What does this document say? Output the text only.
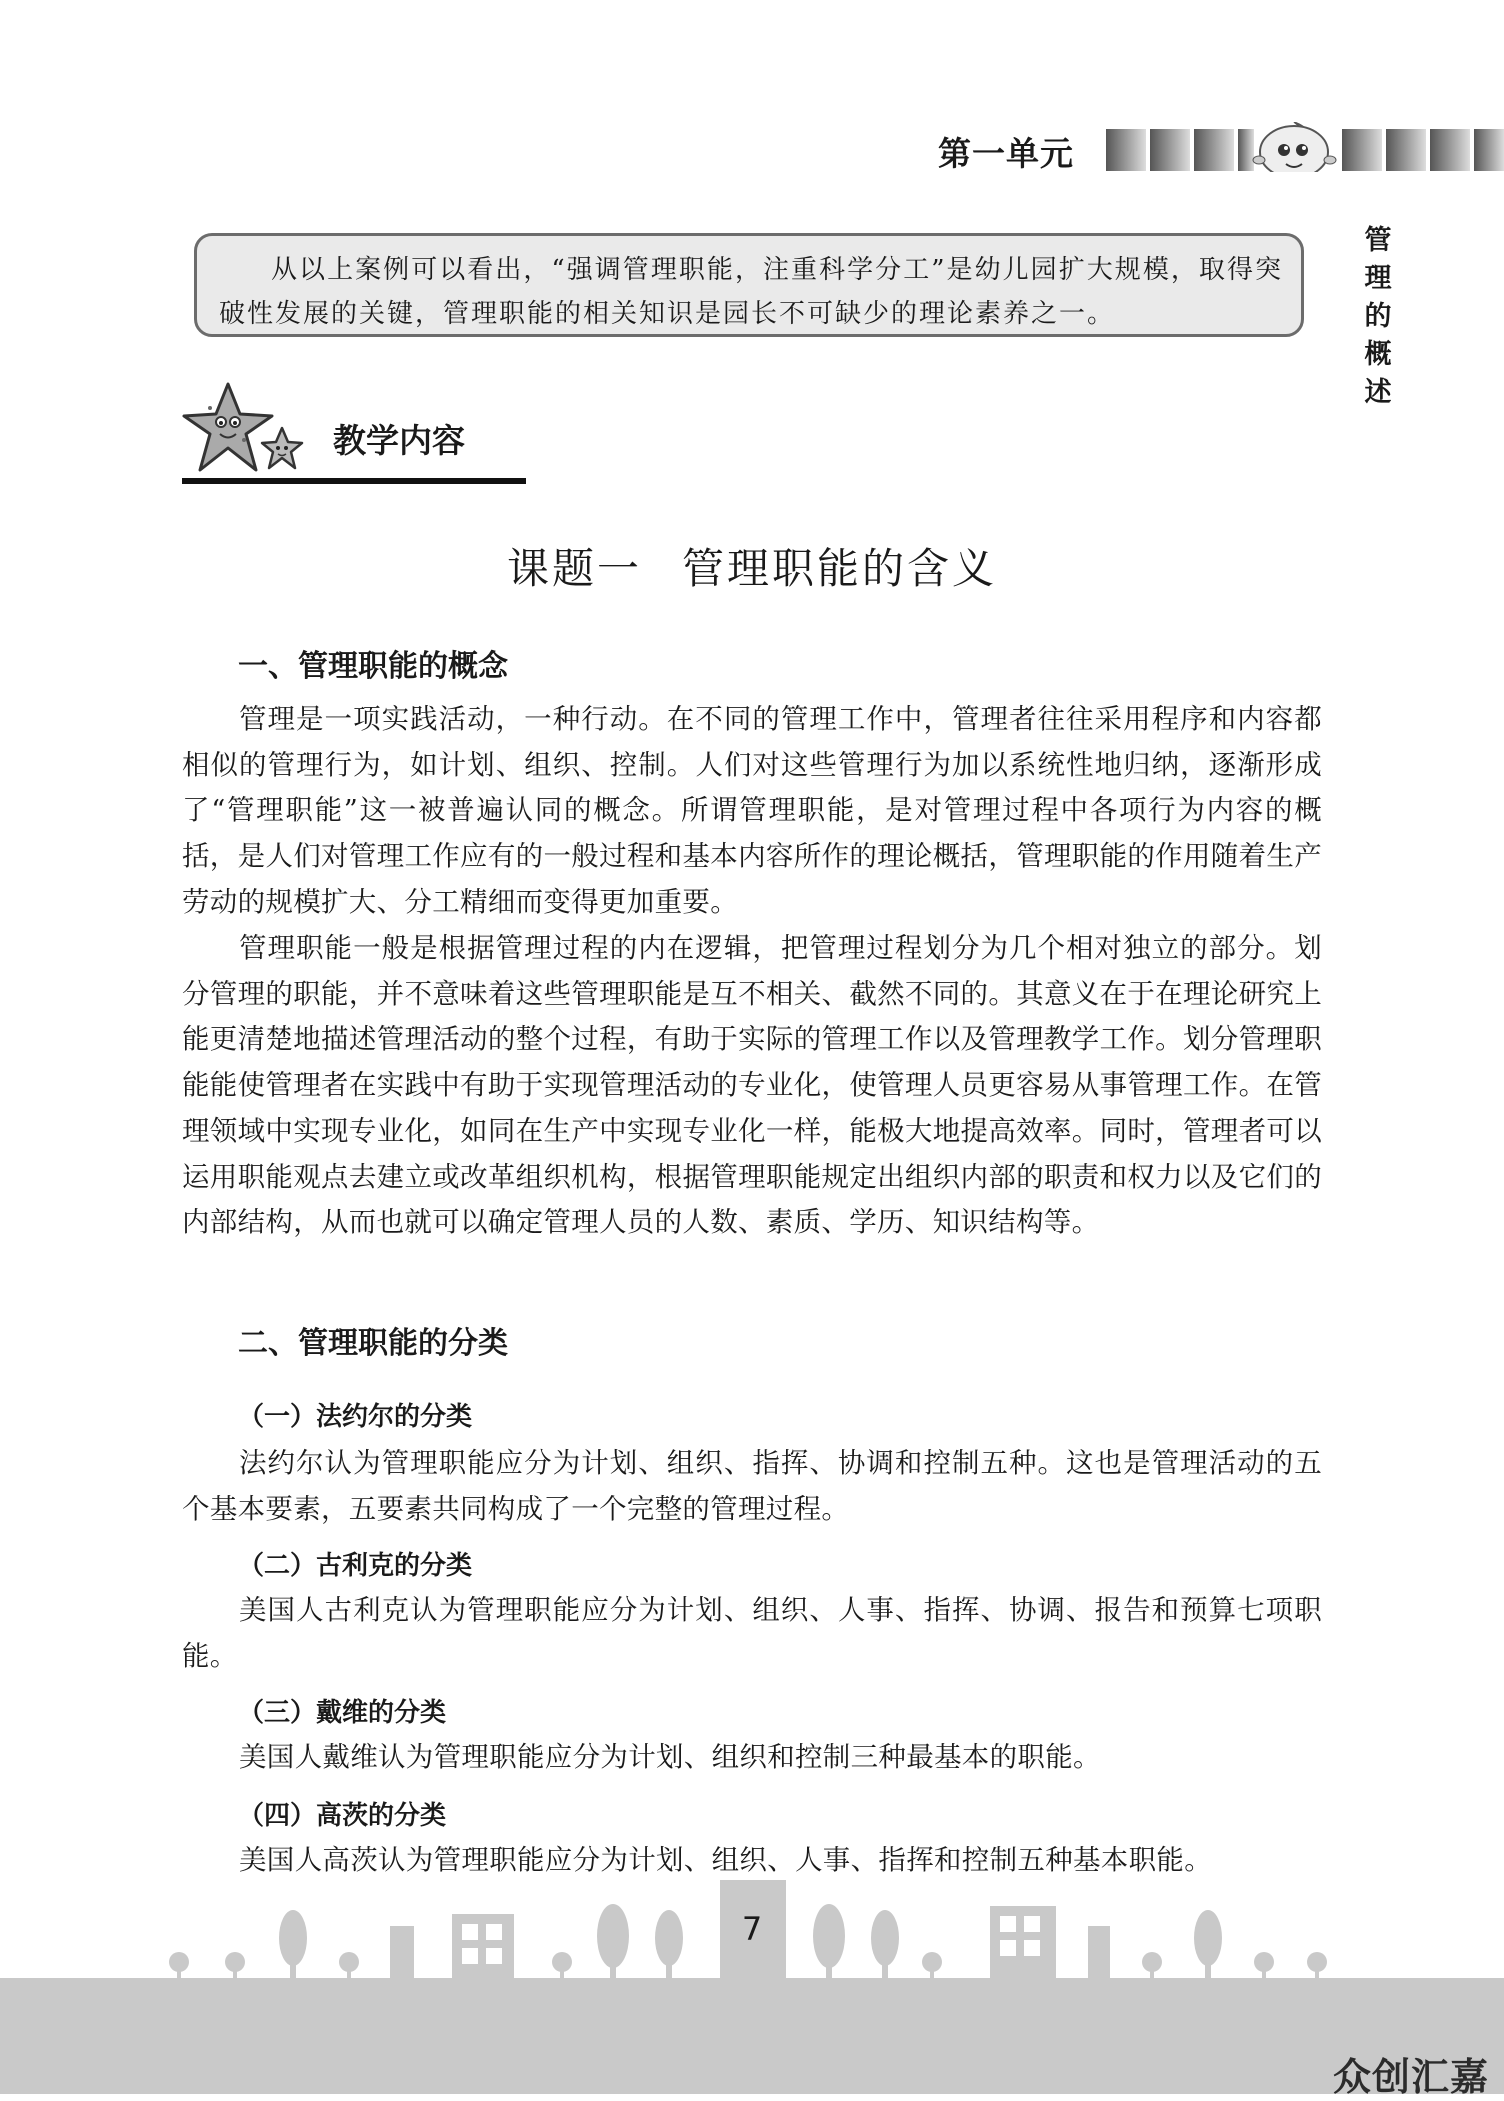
第一单元
管
理
的
概
述
从以上案例可以看出，“强调管理职能，注重科学分工”是幼儿园扩大规模，取得突破性发展的关键，管理职能的相关知识是园长不可缺少的理论素养之一。
教学内容
课题一 管理职能的含义
一、管理职能的概念
管理是一项实践活动，一种行动。在不同的管理工作中，管理者往往采用程序和内容都相似的管理行为，如计划、组织、控制。人们对这些管理行为加以系统性地归纳，逐渐形成了“管理职能”这一被普遍认同的概念。所谓管理职能，是对管理过程中各项行为内容的概括，是人们对管理工作应有的一般过程和基本内容所作的理论概括，管理职能的作用随着生产劳动的规模扩大、分工精细而变得更加重要。
管理职能一般是根据管理过程的内在逻辑，把管理过程划分为几个相对独立的部分。划分管理的职能，并不意味着这些管理职能是互不相关、截然不同的。其意义在于在理论研究上能更清楚地描述管理活动的整个过程，有助于实际的管理工作以及管理教学工作。划分管理职能能使管理者在实践中有助于实现管理活动的专业化，使管理人员更容易从事管理工作。在管理领域中实现专业化，如同在生产中实现专业化一样，能极大地提高效率。同时，管理者可以运用职能观点去建立或改革组织机构，根据管理职能规定出组织内部的职责和权力以及它们的内部结构，从而也就可以确定管理人员的人数、素质、学历、知识结构等。
二、管理职能的分类
（一）法约尔的分类
法约尔认为管理职能应分为计划、组织、指挥、协调和控制五种。这也是管理活动的五个基本要素，五要素共同构成了一个完整的管理过程。
（二）古利克的分类
美国人古利克认为管理职能应分为计划、组织、人事、指挥、协调、报告和预算七项职能。
（三）戴维的分类
美国人戴维认为管理职能应分为计划、组织和控制三种最基本的职能。
（四）高茨的分类
美国人高茨认为管理职能应分为计划、组织、人事、指挥和控制五种基本职能。
7
众创汇嘉
